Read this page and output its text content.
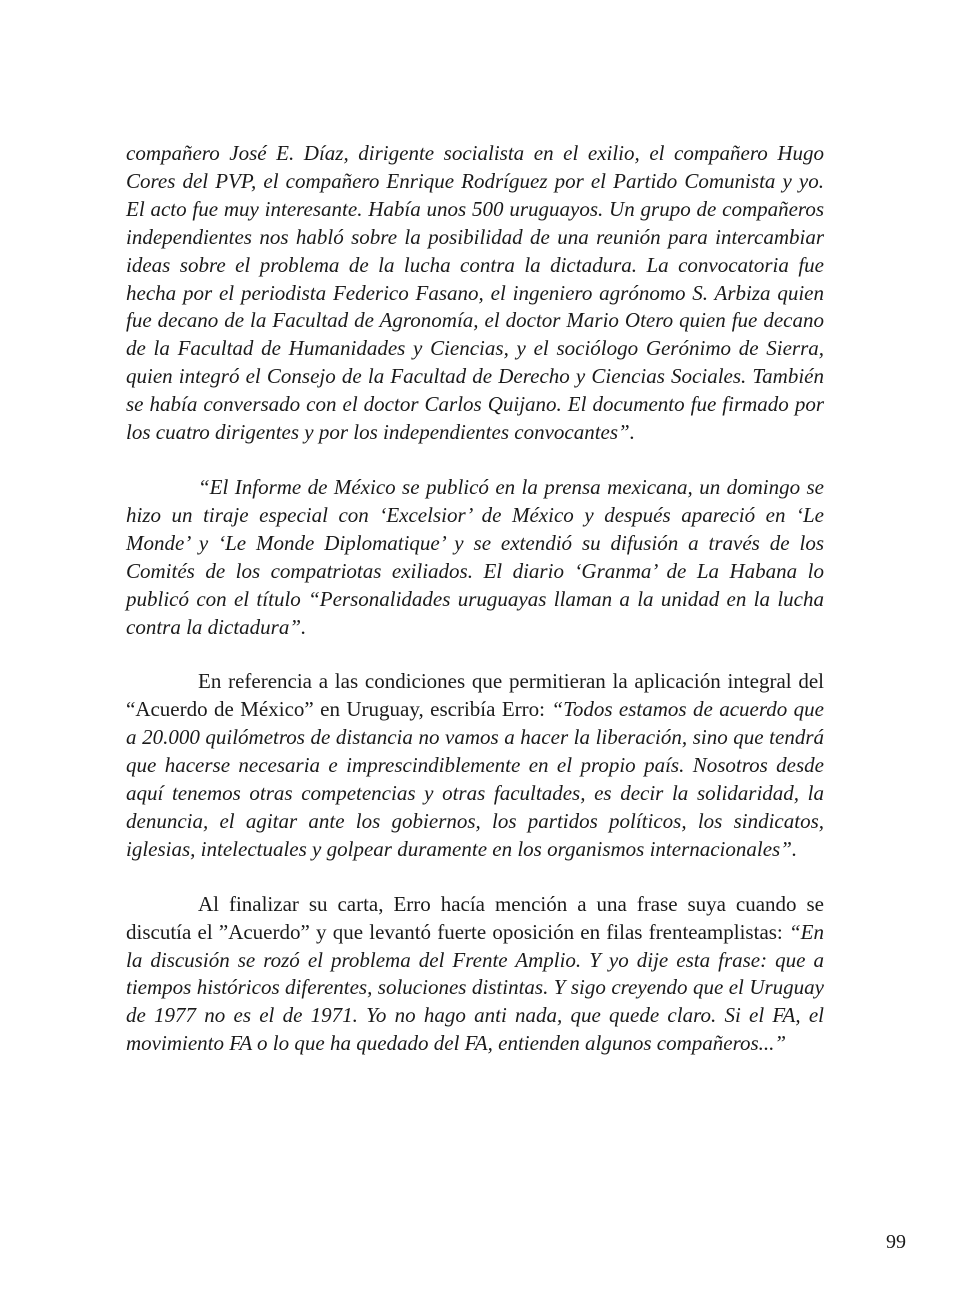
compañero José E. Díaz, dirigente socialista en el exilio, el compañero Hugo Cores del PVP, el compañero Enrique Rodríguez por el Partido Comunista y yo. El acto fue muy interesante. Había unos 500 uruguayos. Un grupo de compañeros independientes nos habló sobre la posibilidad de una reunión para intercambiar ideas sobre el problema de la lucha contra la dictadura. La convocatoria fue hecha por el periodista Federico Fasano, el ingeniero agrónomo S. Arbiza quien fue decano de la Facultad de Agronomía, el doctor Mario Otero quien fue decano de la Facultad de Humanidades y Ciencias, y el sociólogo Gerónimo de Sierra, quien integró el Consejo de la Facultad de Derecho y Ciencias Sociales. También se había conversado con el doctor Carlos Quijano. El documento fue firmado por los cuatro dirigentes y por los independientes convocantes”.

“El Informe de México se publicó en la prensa mexicana, un domingo se hizo un tiraje especial con ‘Excelsior’ de México y después apareció en ‘Le Monde’ y ‘Le Monde Diplomatique’ y se extendió su difusión a través de los Comités de los compatriotas exiliados. El diario ‘Granma’ de La Habana lo publicó con el título “Personalidades uruguayas llaman a la unidad en la lucha contra la dictadura”.

En referencia a las condiciones que permitieran la aplicación integral del “Acuerdo de México” en Uruguay, escribía Erro: “Todos estamos de acuerdo que a 20.000 quilómetros de distancia no vamos a hacer la liberación, sino que tendrá que hacerse necesaria e imprescindiblemente en el propio país. Nosotros desde aquí tenemos otras competencias y otras facultades, es decir la solidaridad, la denuncia, el agitar ante los gobiernos, los partidos políticos, los sindicatos, iglesias, intelectuales y golpear duramente en los organismos internacionales”.

Al finalizar su carta, Erro hacía mención a una frase suya cuando se discutía el ”Acuerdo” y que levantó fuerte oposición en filas frenteamplistas: “En la discusión se rozó el problema del Frente Amplio. Y yo dije esta frase: que a tiempos históricos diferentes, soluciones distintas. Y sigo creyendo que el Uruguay de 1977 no es el de 1971. Yo no hago anti nada, que quede claro. Si el FA, el movimiento FA o lo que ha quedado del FA, entienden algunos compañeros...”

99
